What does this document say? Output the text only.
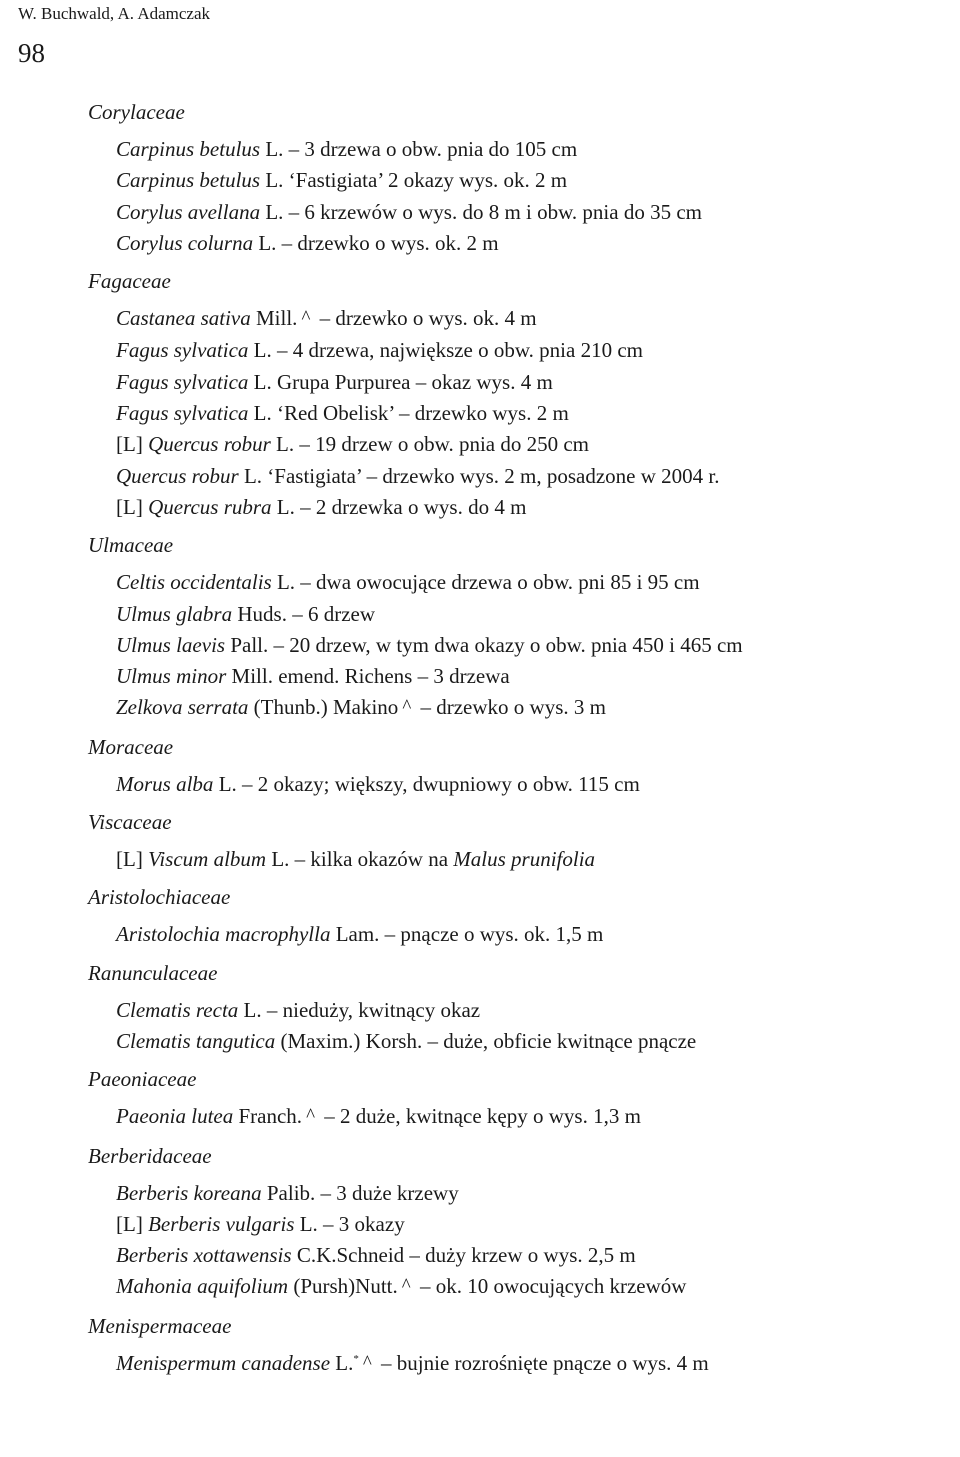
W. Buchwald, A. Adamczak
98
Corylaceae
Carpinus betulus L. – 3 drzewa o obw. pnia do 105 cm
Carpinus betulus L. ‘Fastigiata’ 2 okazy wys. ok. 2 m
Corylus avellana L. – 6 krzewów o wys. do 8 m i obw. pnia do 35 cm
Corylus colurna L. – drzewko o wys. ok. 2 m
Fagaceae
Castanea sativa Mill. ^ – drzewko o wys. ok. 4 m
Fagus sylvatica L. – 4 drzewa, największe o obw. pnia 210 cm
Fagus sylvatica L. Grupa Purpurea – okaz wys. 4 m
Fagus sylvatica L. ‘Red Obelisk’ – drzewko wys. 2 m
[L] Quercus robur L. – 19 drzew o obw. pnia do 250 cm
Quercus robur L. ‘Fastigiata’ – drzewko wys. 2 m, posadzone w 2004 r.
[L] Quercus rubra L. – 2 drzewka o wys. do 4 m
Ulmaceae
Celtis occidentalis L. – dwa owocujące drzewa o obw. pni 85 i 95 cm
Ulmus glabra Huds. – 6 drzew
Ulmus laevis Pall. – 20 drzew, w tym dwa okazy o obw. pnia 450 i 465 cm
Ulmus minor Mill. emend. Richens – 3 drzewa
Zelkova serrata (Thunb.) Makino ^ – drzewko o wys. 3 m
Moraceae
Morus alba L. – 2 okazy; większy, dwupniowy o obw. 115 cm
Viscaceae
[L] Viscum album L. – kilka okazów na Malus prunifolia
Aristolochiaceae
Aristolochia macrophylla Lam. – pnącze o wys. ok. 1,5 m
Ranunculaceae
Clematis recta L. – nieduży, kwitnący okaz
Clematis tangutica (Maxim.) Korsh. – duże, obficie kwitnące pnącze
Paeoniaceae
Paeonia lutea Franch. ^ – 2 duże, kwitnące kępy o wys. 1,3 m
Berberidaceae
Berberis koreana Palib. – 3 duże krzewy
[L] Berberis vulgaris L. – 3 okazy
Berberis xottawensis C.K.Schneid – duży krzew o wys. 2,5 m
Mahonia aquifolium (Pursh)Nutt. ^ – ok. 10 owocujących krzewów
Menispermaceae
Menispermum canadense L.* ^ – bujnie rozrośnięte pnącze o wys. 4 m
